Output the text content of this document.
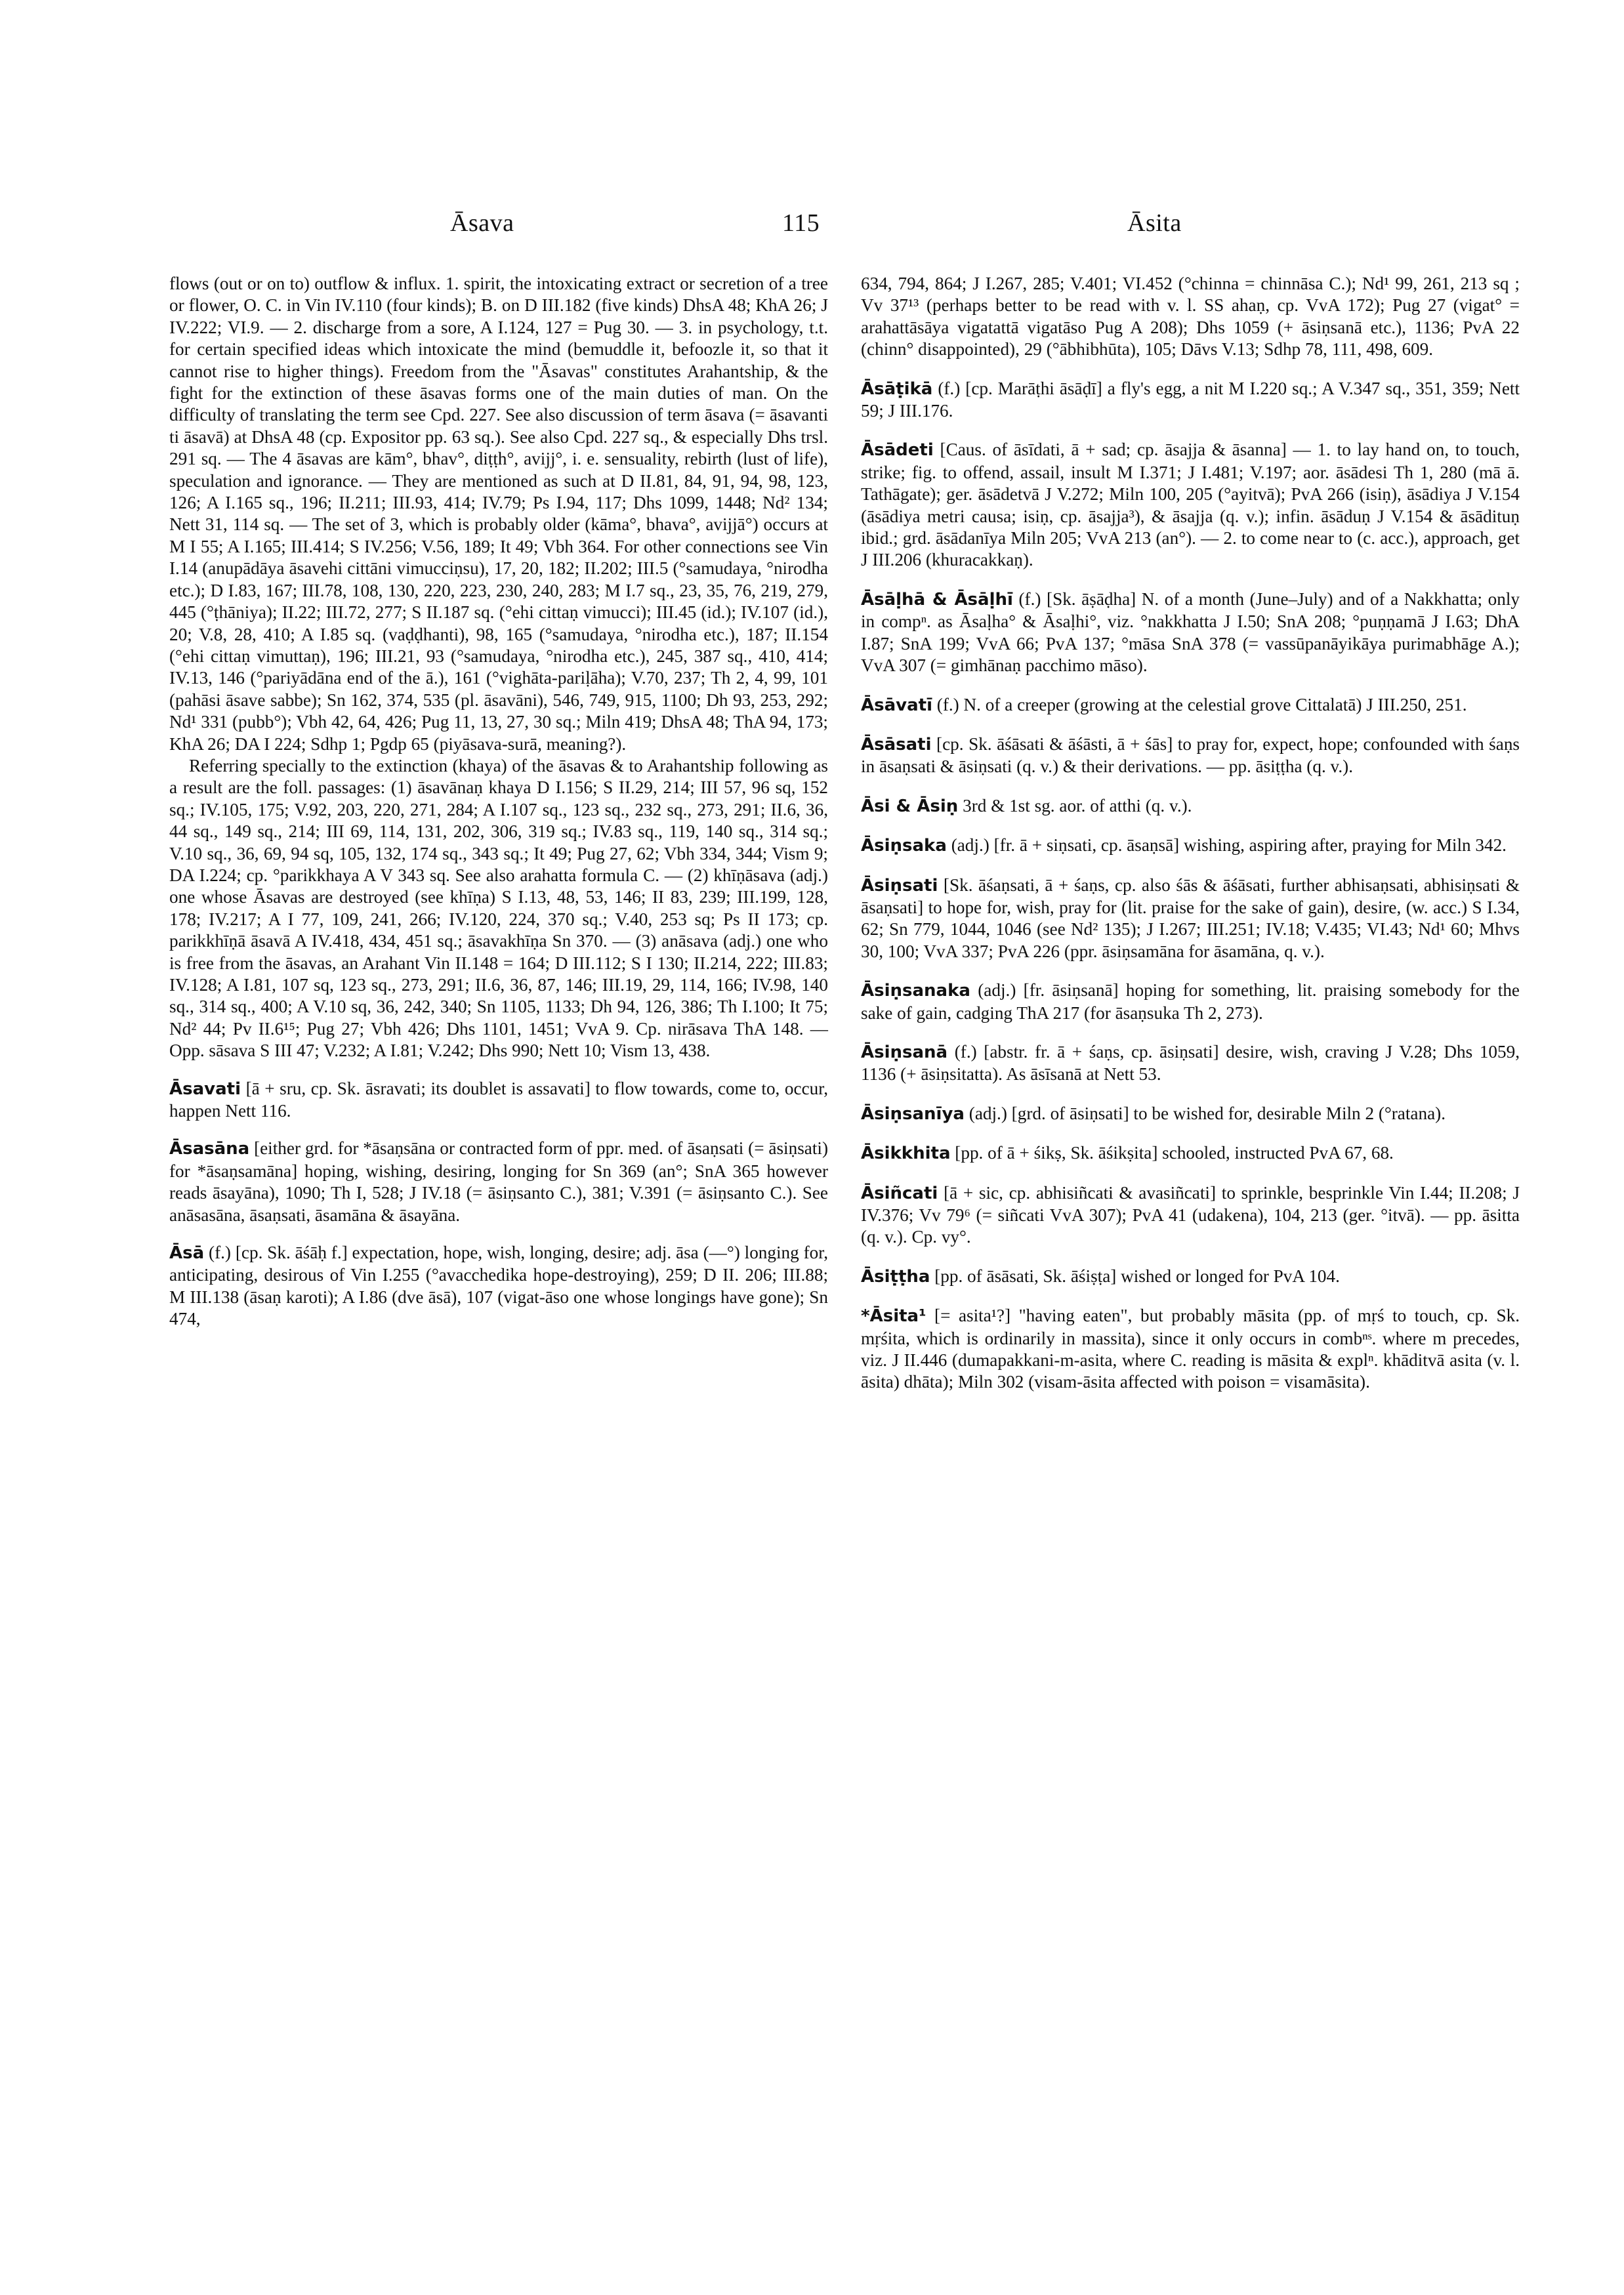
Āsava	115	Āsita

flows (out or on to) outflow & influx. 1. spirit, the intoxicating extract or secretion of a tree or flower, O. C. in Vin IV.110 (four kinds); B. on D III.182 (five kinds) DhsA 48; KhA 26; J IV.222; VI.9. — 2. discharge from a sore, A I.124, 127 = Pug 30. — 3. in psychology, t.t. for certain specified ideas which intoxicate the mind (bemuddle it, befoozle it, so that it cannot rise to higher things). Freedom from the "Āsavas" constitutes Arahantship, & the fight for the extinction of these āsavas forms one of the main duties of man. On the difficulty of translating the term see Cpd. 227. See also discussion of term āsava (= āsavanti ti āsavā) at DhsA 48 (cp. Expositor pp. 63 sq.). See also Cpd. 227 sq., & especially Dhs trsl. 291 sq. — The 4 āsavas are kām°, bhav°, diṭṭh°, avijj°, i. e. sensuality, rebirth (lust of life), speculation and ignorance. — They are mentioned as such at D II.81, 84, 91, 94, 98, 123, 126; A I.165 sq., 196; II.211; III.93, 414; IV.79; Ps I.94, 117; Dhs 1099, 1448; Nd² 134; Nett 31, 114 sq. — The set of 3, which is probably older (kāma°, bhava°, avijjā°) occurs at M I 55; A I.165; III.414; S IV.256; V.56, 189; It 49; Vbh 364. For other connections see Vin I.14 (anupādāya āsavehi cittāni vimucciṇsu), 17, 20, 182; II.202; III.5 (°samudaya, °nirodha etc.); D I.83, 167; III.78, 108, 130, 220, 223, 230, 240, 283; M I.7 sq., 23, 35, 76, 219, 279, 445 (°ṭhāniya); II.22; III.72, 277; S II.187 sq. (°ehi cittaṇ vimucci); III.45 (id.); IV.107 (id.), 20; V.8, 28, 410; A I.85 sq. (vaḍḍhanti), 98, 165 (°samudaya, °nirodha etc.), 187; II.154 (°ehi cittaṇ vimuttaṇ), 196; III.21, 93 (°samudaya, °nirodha etc.), 245, 387 sq., 410, 414; IV.13, 146 (°pariyādāna end of the ā.), 161 (°vighāta-pariḷāha); V.70, 237; Th 2, 4, 99, 101 (pahāsi āsave sabbe); Sn 162, 374, 535 (pl. āsavāni), 546, 749, 915, 1100; Dh 93, 253, 292; Nd¹ 331 (pubb°); Vbh 42, 64, 426; Pug 11, 13, 27, 30 sq.; Miln 419; DhsA 48; ThA 94, 173; KhA 26; DA I 224; Sdhp 1; Pgdp 65 (piyāsava-surā, meaning?).

Referring specially to the extinction (khaya) of the āsavas & to Arahantship following as a result are the foll. passages: (1) āsavānaṇ khaya D I.156; S II.29, 214; III 57, 96 sq, 152 sq.; IV.105, 175; V.92, 203, 220, 271, 284; A I.107 sq., 123 sq., 232 sq., 273, 291; II.6, 36, 44 sq., 149 sq., 214; III 69, 114, 131, 202, 306, 319 sq.; IV.83 sq., 119, 140 sq., 314 sq.; V.10 sq., 36, 69, 94 sq, 105, 132, 174 sq., 343 sq.; It 49; Pug 27, 62; Vbh 334, 344; Vism 9; DA I.224; cp. °parikkhaya A V 343 sq. See also arahatta formula C. — (2) khīṇāsava (adj.) one whose Āsavas are destroyed (see khīṇa) S I.13, 48, 53, 146; II 83, 239; III.199, 128, 178; IV.217; A I 77, 109, 241, 266; IV.120, 224, 370 sq.; V.40, 253 sq; Ps II 173; cp. parikkhīṇā āsavā A IV.418, 434, 451 sq.; āsavakhīṇa Sn 370. — (3) anāsava (adj.) one who is free from the āsavas, an Arahant Vin II.148 = 164; D III.112; S I 130; II.214, 222; III.83; IV.128; A I.81, 107 sq, 123 sq., 273, 291; II.6, 36, 87, 146; III.19, 29, 114, 166; IV.98, 140 sq., 314 sq., 400; A V.10 sq, 36, 242, 340; Sn 1105, 1133; Dh 94, 126, 386; Th I.100; It 75; Nd² 44; Pv II.6¹⁵; Pug 27; Vbh 426; Dhs 1101, 1451; VvA 9. Cp. nirāsava ThA 148. — Opp. sāsava S III 47; V.232; A I.81; V.242; Dhs 990; Nett 10; Vism 13, 438.

Āsavati [ā + sru, cp. Sk. āsravati; its doublet is assavati] to flow towards, come to, occur, happen Nett 116.

Āsasāna [either grd. for *āsaṇsāna or contracted form of ppr. med. of āsaṇsati (= āsiṇsati) for *āsaṇsamāna] hoping, wishing, desiring, longing for Sn 369 (an°; SnA 365 however reads āsayāna), 1090; Th I, 528; J IV.18 (= āsiṇsanto C.), 381; V.391 (= āsiṇsanto C.). See anāsasāna, āsaṇsati, āsamāna & āsayāna.

Āsā (f.) [cp. Sk. āśāḥ f.] expectation, hope, wish, longing, desire; adj. āsa (—°) longing for, anticipating, desirous of Vin I.255 (°avacchedika hope-destroying), 259; D II. 206; III.88; M III.138 (āsaṇ karoti); A I.86 (dve āsā), 107 (vigat-āso one whose longings have gone); Sn 474,

634, 794, 864; J I.267, 285; V.401; VI.452 (°chinna = chinnāsa C.); Nd¹ 99, 261, 213 sq ; Vv 37¹³ (perhaps better to be read with v. l. SS ahaṇ, cp. VvA 172); Pug 27 (vigat° = arahattāsāya vigatattā vigatāso Pug A 208); Dhs 1059 (+ āsiṇsanā etc.), 1136; PvA 22 (chinn° disappointed), 29 (°ābhibhūta), 105; Dāvs V.13; Sdhp 78, 111, 498, 609.

Āsāṭikā (f.) [cp. Marāṭhi āsāḍī] a fly's egg, a nit M I.220 sq.; A V.347 sq., 351, 359; Nett 59; J III.176.

Āsādeti [Caus. of āsīdati, ā + sad; cp. āsajja & āsanna] — 1. to lay hand on, to touch, strike; fig. to offend, assail, insult M I.371; J I.481; V.197; aor. āsādesi Th 1, 280 (mā ā. Tathāgate); ger. āsādetvā J V.272; Miln 100, 205 (°ayitvā); PvA 266 (isiṇ), āsādiya J V.154 (āsādiya metri causa; isiṇ, cp. āsajja³), & āsajja (q. v.); infin. āsāduṇ J V.154 & āsādituṇ ibid.; grd. āsādanīya Miln 205; VvA 213 (an°). — 2. to come near to (c. acc.), approach, get J III.206 (khuracakkaṇ).

Āsāḷhā & Āsāḷhī (f.) [Sk. āṣāḍha] N. of a month (June–July) and of a Nakkhatta; only in compⁿ. as Āsaḷha° & Āsaḷhi°, viz. °nakkhatta J I.50; SnA 208; °puṇṇamā J I.63; DhA I.87; SnA 199; VvA 66; PvA 137; °māsa SnA 378 (= vassūpanāyikāya purimabhāge A.); VvA 307 (= gimhānaṇ pacchimo māso).

Āsāvatī (f.) N. of a creeper (growing at the celestial grove Cittalatā) J III.250, 251.

Āsāsati [cp. Sk. āśāsati & āśāsti, ā + śās] to pray for, expect, hope; confounded with śaṇs in āsaṇsati & āsiṇsati (q. v.) & their derivations. — pp. āsiṭṭha (q. v.).

Āsi & Āsiṇ 3rd & 1st sg. aor. of atthi (q. v.).

Āsiṇsaka (adj.) [fr. ā + siṇsati, cp. āsaṇsā] wishing, aspiring after, praying for Miln 342.

Āsiṇsati [Sk. āśaṇsati, ā + śaṇs, cp. also śās & āśāsati, further abhisaṇsati, abhisiṇsati & āsaṇsati] to hope for, wish, pray for (lit. praise for the sake of gain), desire, (w. acc.) S I.34, 62; Sn 779, 1044, 1046 (see Nd² 135); J I.267; III.251; IV.18; V.435; VI.43; Nd¹ 60; Mhvs 30, 100; VvA 337; PvA 226 (ppr. āsiṇsamāna for āsamāna, q. v.).

Āsiṇsanaka (adj.) [fr. āsiṇsanā] hoping for something, lit. praising somebody for the sake of gain, cadging ThA 217 (for āsaṇsuka Th 2, 273).

Āsiṇsanā (f.) [abstr. fr. ā + śaṇs, cp. āsiṇsati] desire, wish, craving J V.28; Dhs 1059, 1136 (+ āsiṇsitatta). As āsīsanā at Nett 53.

Āsiṇsanīya (adj.) [grd. of āsiṇsati] to be wished for, desirable Miln 2 (°ratana).

Āsikkhita [pp. of ā + śikṣ, Sk. āśikṣita] schooled, instructed PvA 67, 68.

Āsiñcati [ā + sic, cp. abhisiñcati & avasiñcati] to sprinkle, besprinkle Vin I.44; II.208; J IV.376; Vv 79⁶ (= siñcati VvA 307); PvA 41 (udakena), 104, 213 (ger. °itvā). — pp. āsitta (q. v.). Cp. vy°.

Āsiṭṭha [pp. of āsāsati, Sk. āśiṣṭa] wished or longed for PvA 104.

*Āsita¹ [= asita¹?] "having eaten", but probably māsita (pp. of mṛś to touch, cp. Sk. mṛśita, which is ordinarily in massita), since it only occurs in combⁿˢ. where m precedes, viz. J II.446 (dumapakkani-m-asita, where C. reading is māsita & explⁿ. khāditvā asita (v. l. āsita) dhāta); Miln 302 (visam-āsita affected with poison = visamāsita).
